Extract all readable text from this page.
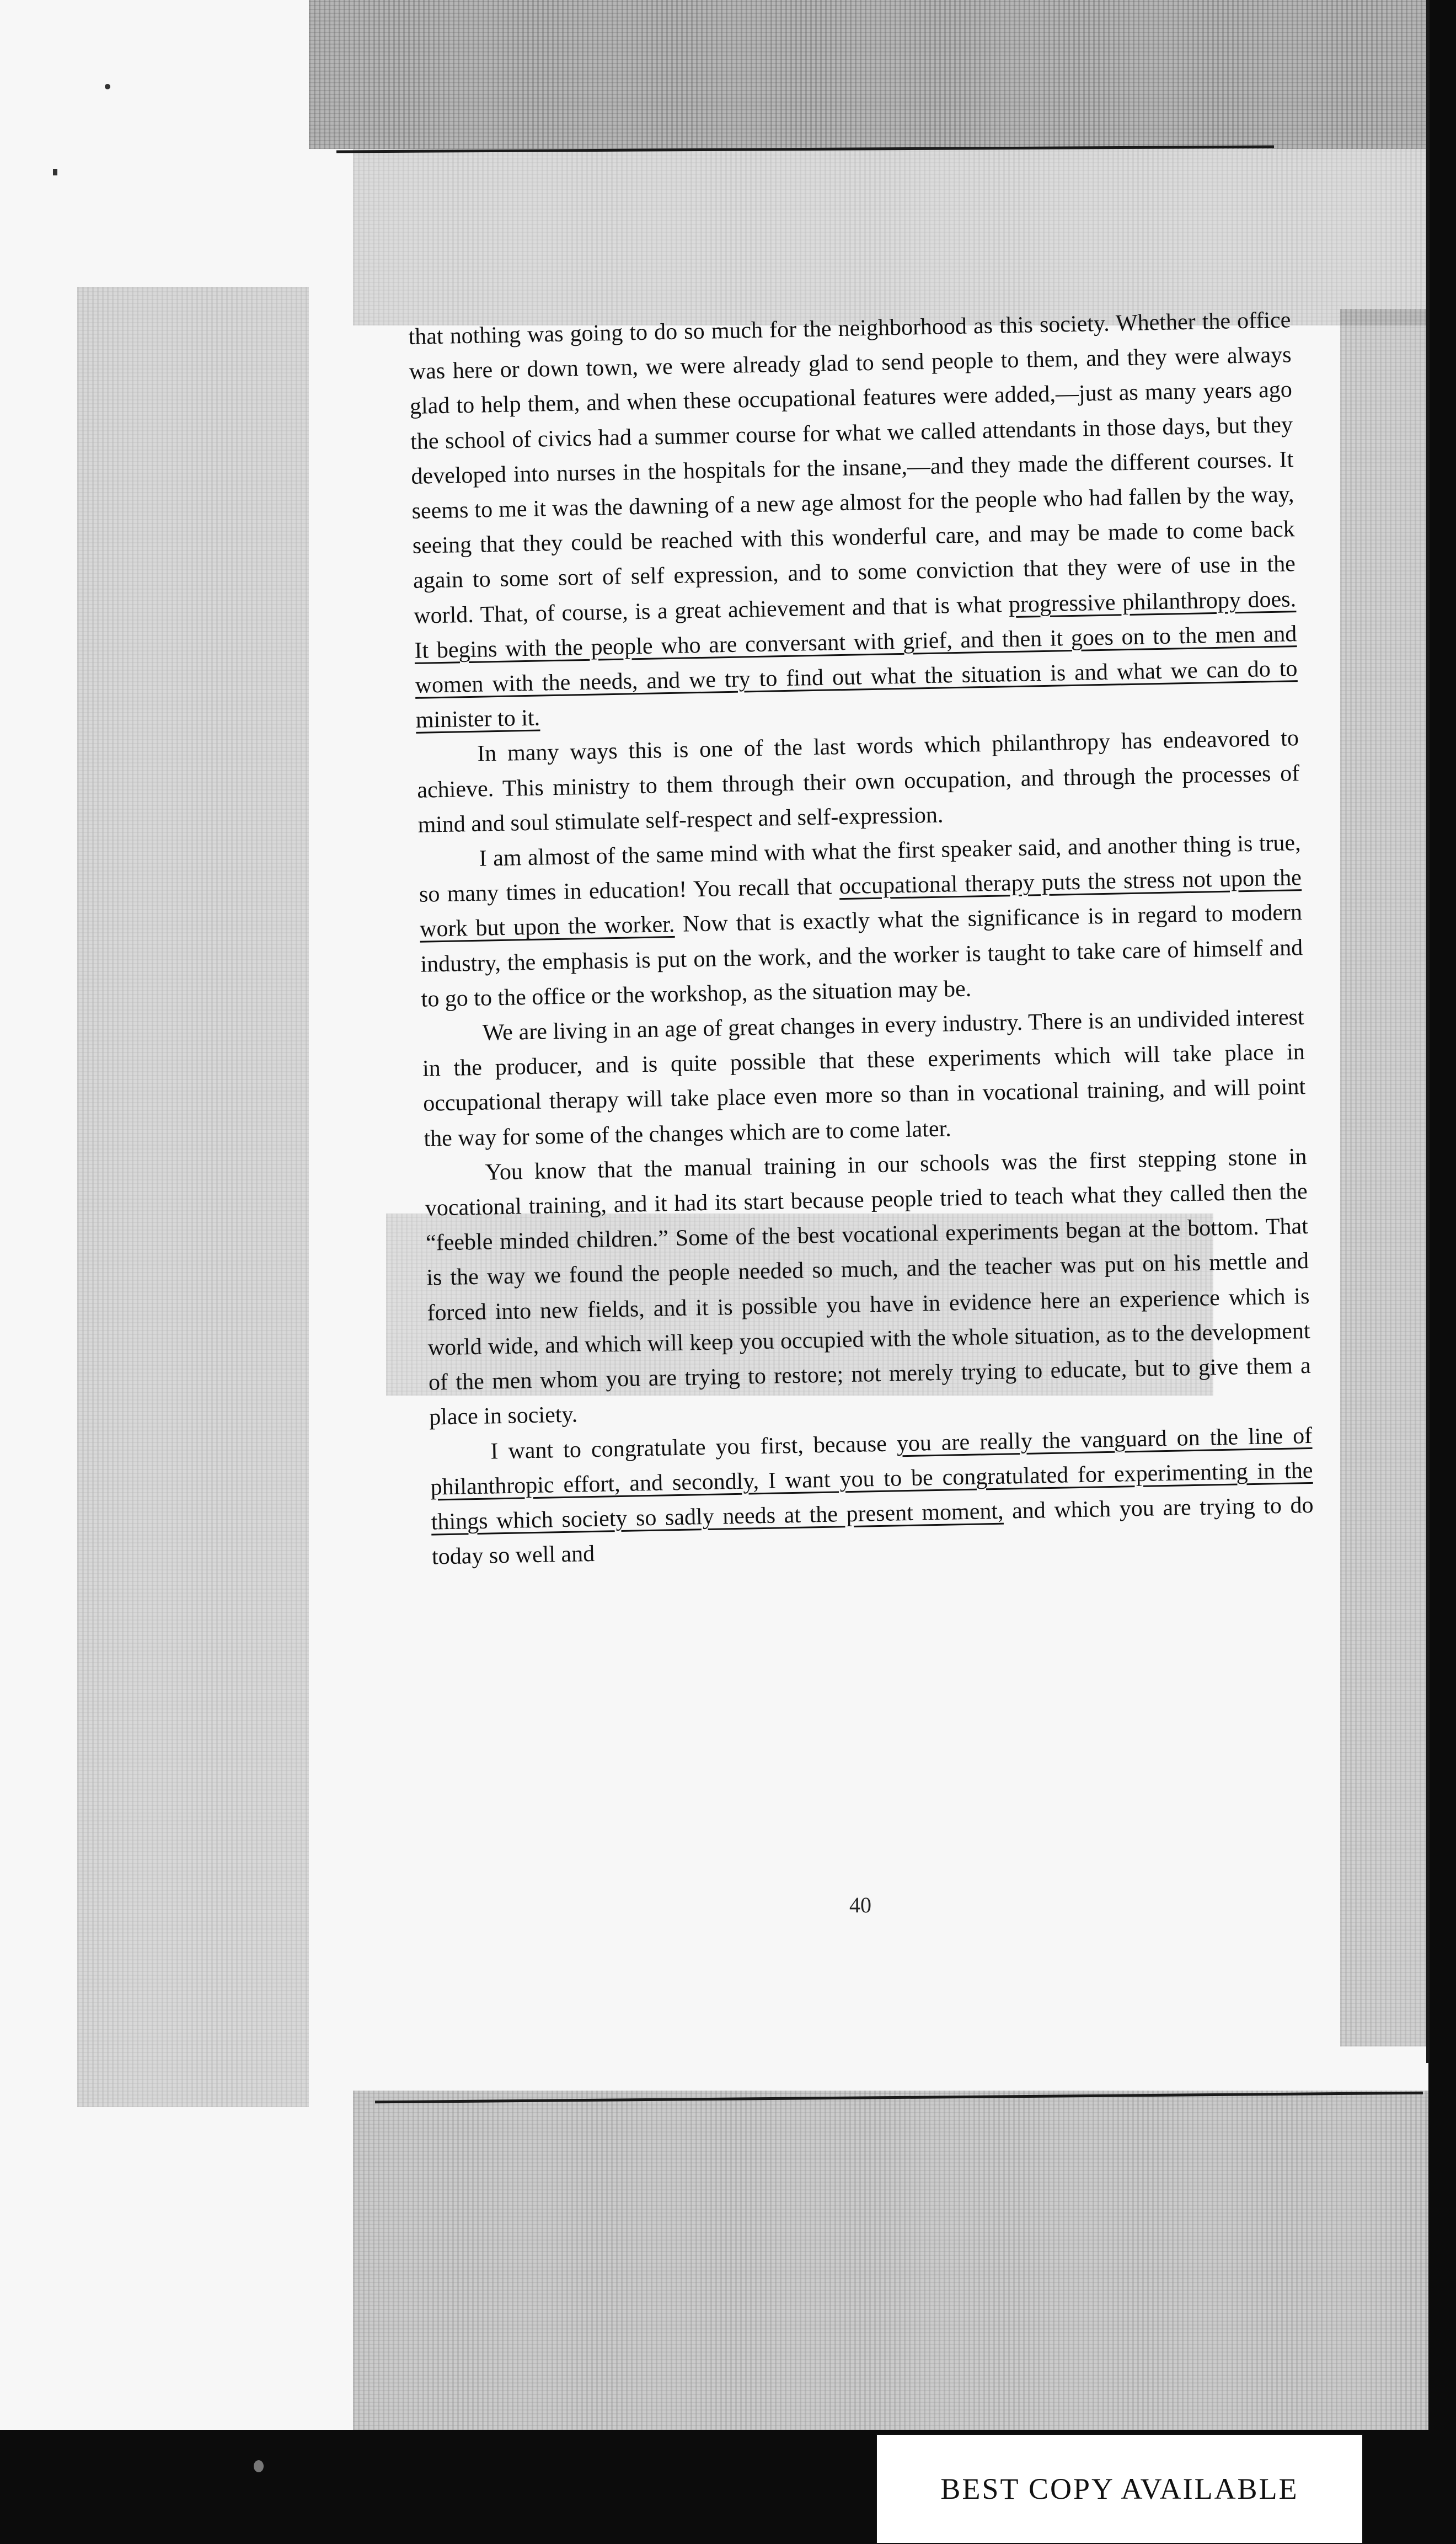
that nothing was going to do so much for the neighborhood as this society. Whether the office was here or down town, we were already glad to send people to them, and they were always glad to help them, and when these occupational features were added,—just as many years ago the school of civics had a summer course for what we called attendants in those days, but they developed into nurses in the hospitals for the insane,—and they made the different courses. It seems to me it was the dawning of a new age almost for the people who had fallen by the way, seeing that they could be reached with this wonderful care, and may be made to come back again to some sort of self expression, and to some conviction that they were of use in the world. That, of course, is a great achievement and that is what progressive philanthropy does. It begins with the people who are conversant with grief, and then it goes on to the men and women with the needs, and we try to find out what the situation is and what we can do to minister to it.

In many ways this is one of the last words which philanthropy has endeavored to achieve. This ministry to them through their own occupation, and through the processes of mind and soul stimulate self-respect and self-expression.

I am almost of the same mind with what the first speaker said, and another thing is true, so many times in education! You recall that occupational therapy puts the stress not upon the work but upon the worker. Now that is exactly what the significance is in regard to modern industry, the emphasis is put on the work, and the worker is taught to take care of himself and to go to the office or the workshop, as the situation may be.

We are living in an age of great changes in every industry. There is an undivided interest in the producer, and is quite possible that these experiments which will take place in occupational therapy will take place even more so than in vocational training, and will point the way for some of the changes which are to come later.

You know that the manual training in our schools was the first stepping stone in vocational training, and it had its start because people tried to teach what they called then the “feeble minded children.” Some of the best vocational experiments began at the bottom. That is the way we found the people needed so much, and the teacher was put on his mettle and forced into new fields, and it is possible you have in evidence here an experience which is world wide, and which will keep you occupied with the whole situation, as to the development of the men whom you are trying to restore; not merely trying to educate, but to give them a place in society.

I want to congratulate you first, because you are really the vanguard on the line of philanthropic effort, and secondly, I want you to be congratulated for experimenting in the things which society so sadly needs at the present moment, and which you are trying to do today so well and

40
BEST COPY AVAILABLE
